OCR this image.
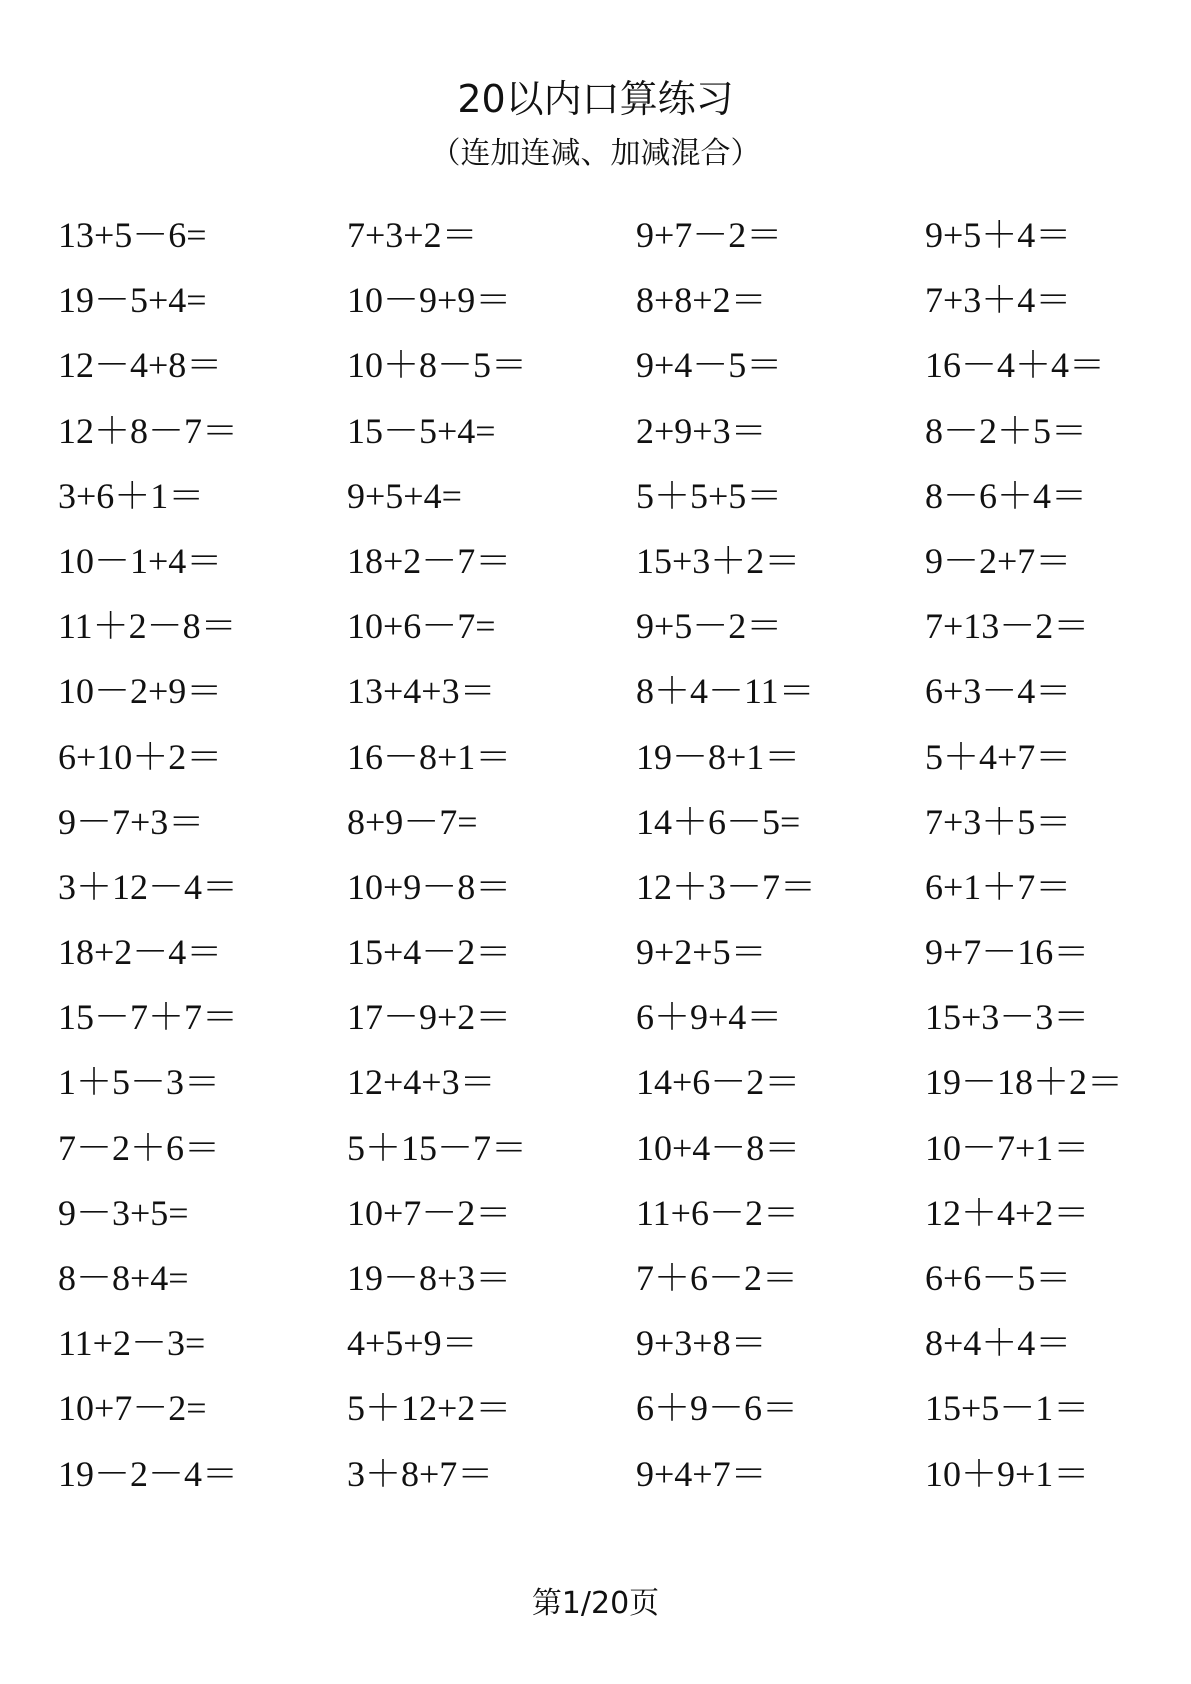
20以内口算练习
（连加连减、加减混合）
13+5－6=	7+3+2＝	9+7－2＝	9+5＋4＝
19－5+4=	10－9+9＝	8+8+2＝	7+3＋4＝
12－4+8＝	10＋8－5＝	9+4－5＝	16－4＋4＝
12＋8－7＝	15－5+4=	2+9+3＝	8－2＋5＝
3+6＋1＝	9+5+4=	5＋5+5＝	8－6＋4＝
10－1+4＝	18+2－7＝	15+3＋2＝	9－2+7＝
11＋2－8＝	10+6－7=	9+5－2＝	7+13－2＝
10－2+9＝	13+4+3＝	8＋4－11＝	6+3－4＝
6+10＋2＝	16－8+1＝	19－8+1＝	5＋4+7＝
9－7+3＝	8+9－7=	14＋6－5=	7+3＋5＝
3＋12－4＝	10+9－8＝	12＋3－7＝	6+1＋7＝
18+2－4＝	15+4－2＝	9+2+5＝	9+7－16＝
15－7＋7＝	17－9+2＝	6＋9+4＝	15+3－3＝
1＋5－3＝	12+4+3＝	14+6－2＝	19－18＋2＝
7－2＋6＝	5＋15－7＝	10+4－8＝	10－7+1＝
9－3+5=	10+7－2＝	11+6－2＝	12＋4+2＝
8－8+4=	19－8+3＝	7＋6－2＝	6+6－5＝
11+2－3=	4+5+9＝	9+3+8＝	8+4＋4＝
10+7－2=	5＋12+2＝	6＋9－6＝	15+5－1＝
19－2－4＝	3＋8+7＝	9+4+7＝	10＋9+1＝
第1/20页
